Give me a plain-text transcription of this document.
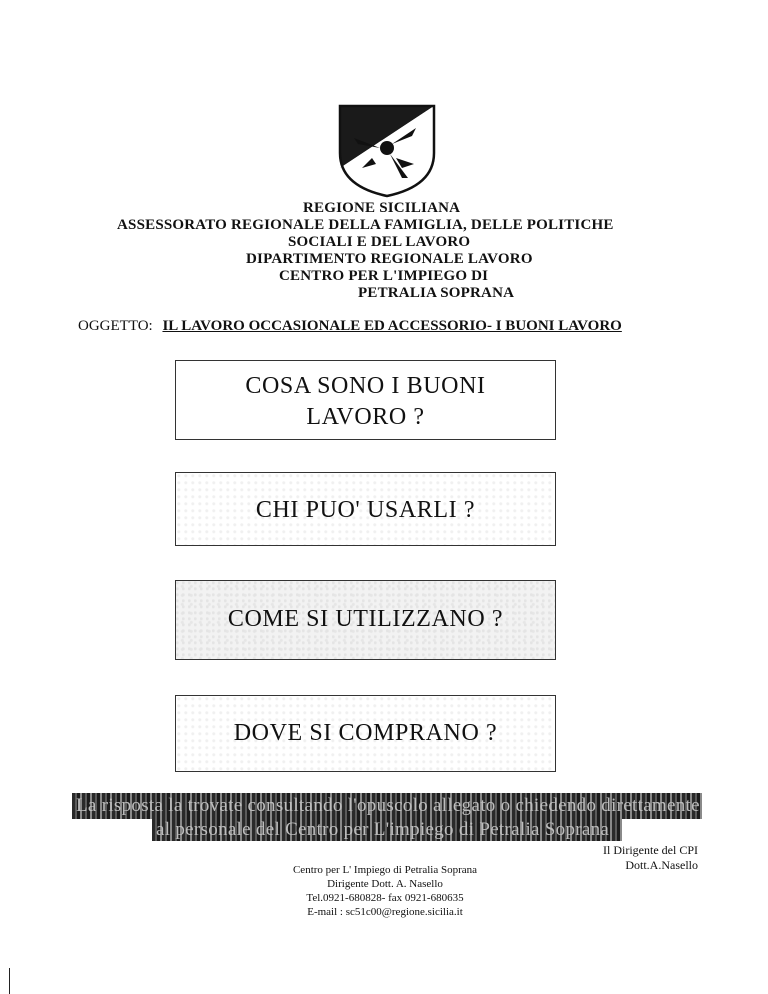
REGIONE SICILIANA
ASSESSORATO REGIONALE DELLA FAMIGLIA, DELLE POLITICHE
SOCIALI E DEL LAVORO
DIPARTIMENTO REGIONALE LAVORO
CENTRO PER L'IMPIEGO DI
PETRALIA SOPRANA
OGGETTO: IL LAVORO OCCASIONALE ED ACCESSORIO- I BUONI LAVORO
COSA SONO I BUONI
LAVORO ?
CHI PUO' USARLI ?
COME SI UTILIZZANO ?
DOVE SI COMPRANO ?
La risposta la trovate consultando l'opuscolo allegato o chiedendo direttamente
al personale del Centro per L'impiego di Petralia Soprana
Il Dirigente del CPI
Dott.A.Nasello
Centro per L' Impiego di Petralia Soprana
Dirigente Dott. A. Nasello
Tel.0921-680828- fax 0921-680635
E-mail : sc51c00@regione.sicilia.it
